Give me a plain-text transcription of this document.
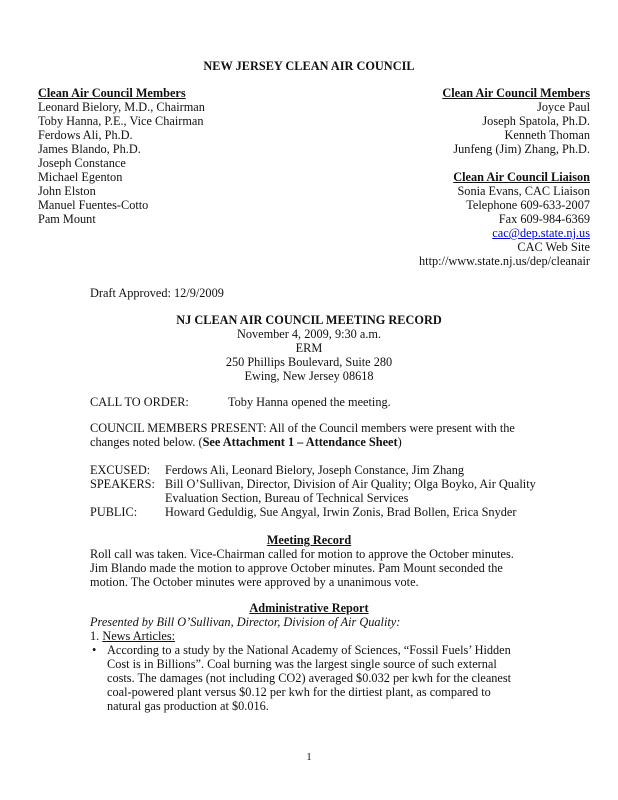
NEW JERSEY CLEAN AIR COUNCIL
Clean Air Council Members
Leonard Bielory, M.D., Chairman
Toby Hanna, P.E., Vice Chairman
Ferdows Ali, Ph.D.
James Blando, Ph.D.
Joseph Constance
Michael Egenton
John Elston
Manuel Fuentes-Cotto
Pam Mount
Clean Air Council Members
Joyce Paul
Joseph Spatola, Ph.D.
Kenneth Thoman
Junfeng (Jim) Zhang, Ph.D.
Clean Air Council Liaison
Sonia Evans, CAC Liaison
Telephone 609-633-2007
Fax 609-984-6369
cac@dep.state.nj.us
CAC Web Site
http://www.state.nj.us/dep/cleanair
Draft Approved: 12/9/2009
NJ CLEAN AIR COUNCIL MEETING RECORD
November 4, 2009, 9:30 a.m.
ERM
250 Phillips Boulevard, Suite 280
Ewing, New Jersey 08618
CALL TO ORDER:	Toby Hanna opened the meeting.
COUNCIL MEMBERS PRESENT: All of the Council members were present with the changes noted below. (See Attachment 1 – Attendance Sheet)
EXCUSED: Ferdows Ali, Leonard Bielory, Joseph Constance, Jim Zhang
SPEAKERS: Bill O’Sullivan, Director, Division of Air Quality; Olga Boyko, Air Quality
Evaluation Section, Bureau of Technical Services
PUBLIC: Howard Geduldig, Sue Angyal, Irwin Zonis, Brad Bollen, Erica Snyder
Meeting Record
Roll call was taken. Vice-Chairman called for motion to approve the October minutes. Jim Blando made the motion to approve October minutes. Pam Mount seconded the motion. The October minutes were approved by a unanimous vote.
Administrative Report
Presented by Bill O’Sullivan, Director, Division of Air Quality:
1. News Articles:
• According to a study by the National Academy of Sciences, “Fossil Fuels’ Hidden Cost is in Billions”. Coal burning was the largest single source of such external costs. The damages (not including CO2) averaged $0.032 per kwh for the cleanest coal-powered plant versus $0.12 per kwh for the dirtiest plant, as compared to natural gas production at $0.016.
1
